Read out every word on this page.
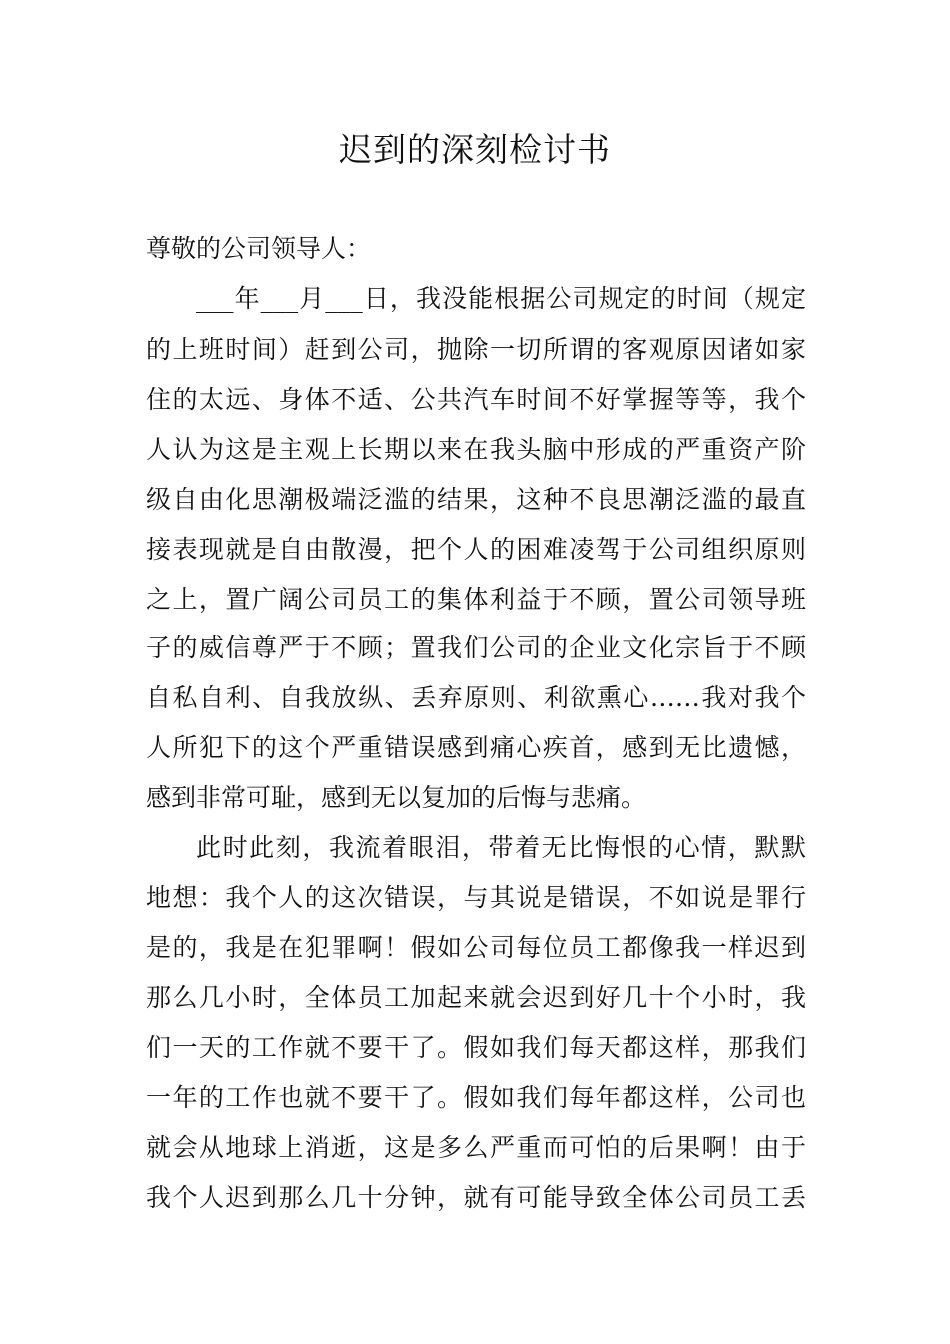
迟到的深刻检讨书
尊敬的公司领导人：
___年___月___日，我没能根据公司规定的时间（规定
的上班时间）赶到公司，抛除一切所谓的客观原因诸如家
住的太远、身体不适、公共汽车时间不好掌握等等，我个
人认为这是主观上长期以来在我头脑中形成的严重资产阶
级自由化思潮极端泛滥的结果，这种不良思潮泛滥的最直
接表现就是自由散漫，把个人的困难凌驾于公司组织原则
之上，置广阔公司员工的集体利益于不顾，置公司领导班
子的威信尊严于不顾；置我们公司的企业文化宗旨于不顾
自私自利、自我放纵、丢弃原则、利欲熏心……我对我个
人所犯下的这个严重错误感到痛心疾首，感到无比遗憾，
感到非常可耻，感到无以复加的后悔与悲痛。
此时此刻，我流着眼泪，带着无比悔恨的心情，默默
地想：我个人的这次错误，与其说是错误，不如说是罪行
是的，我是在犯罪啊！假如公司每位员工都像我一样迟到
那么几小时，全体员工加起来就会迟到好几十个小时，我
们一天的工作就不要干了。假如我们每天都这样，那我们
一年的工作也就不要干了。假如我们每年都这样，公司也
就会从地球上消逝，这是多么严重而可怕的后果啊！由于
我个人迟到那么几十分钟，就有可能导致全体公司员工丢
